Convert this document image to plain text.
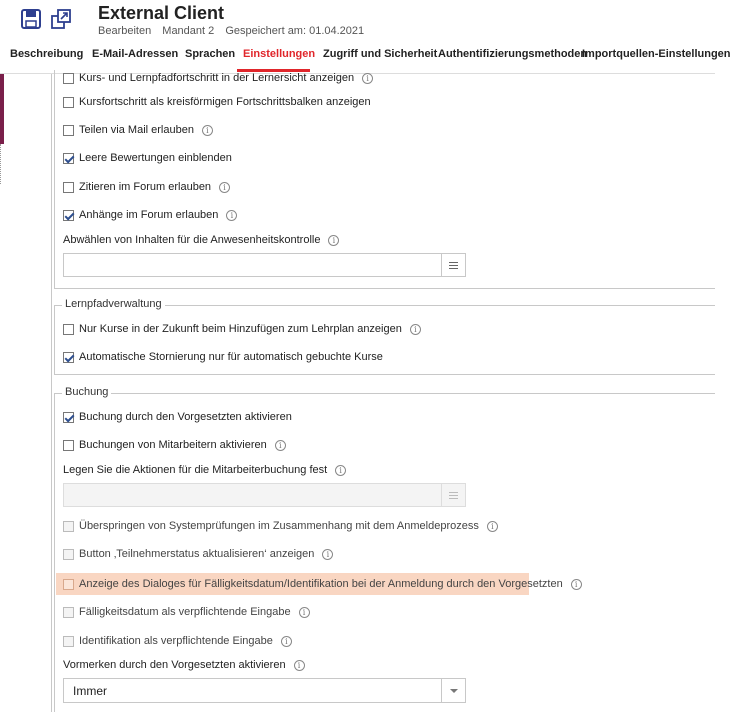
External Client
Bearbeiten Mandant 2 Gespeichert am: 01.04.2021
Beschreibung E-Mail-Adressen Sprachen Einstellungen Zugriff und Sicherheit Authentifizierungsmethoden
Importquellen-Einstellungen
Kurs- und Lernpfadfortschritt in der Lernersicht anzeigen	i
Kursfortschritt als kreisförmigen Fortschrittsbalken anzeigen
Teilen via Mail erlauben	i
Leere Bewertungen einblenden
Zitieren im Forum erlauben	i
Anhänge im Forum erlauben	i
Abwählen von Inhalten für die Anwesenheitskontrolle	i
Lernpfadverwaltung
Nur Kurse in der Zukunft beim Hinzufügen zum Lehrplan anzeigen	i
Automatische Stornierung nur für automatisch gebuchte Kurse
Buchung
Buchung durch den Vorgesetzten aktivieren
Buchungen von Mitarbeitern aktivieren	i
Legen Sie die Aktionen für die Mitarbeiterbuchung fest	i
Überspringen von Systemprüfungen im Zusammenhang mit dem Anmeldeprozess	i
Button ‚Teilnehmerstatus aktualisieren‘ anzeigen	i
Anzeige des Dialoges für Fälligkeitsdatum/Identifikation bei der Anmeldung durch den Vorgesetzten	i
Fälligkeitsdatum als verpflichtende Eingabe	i
Identifikation als verpflichtende Eingabe	i
Vormerken durch den Vorgesetzten aktivieren	i
Immer
